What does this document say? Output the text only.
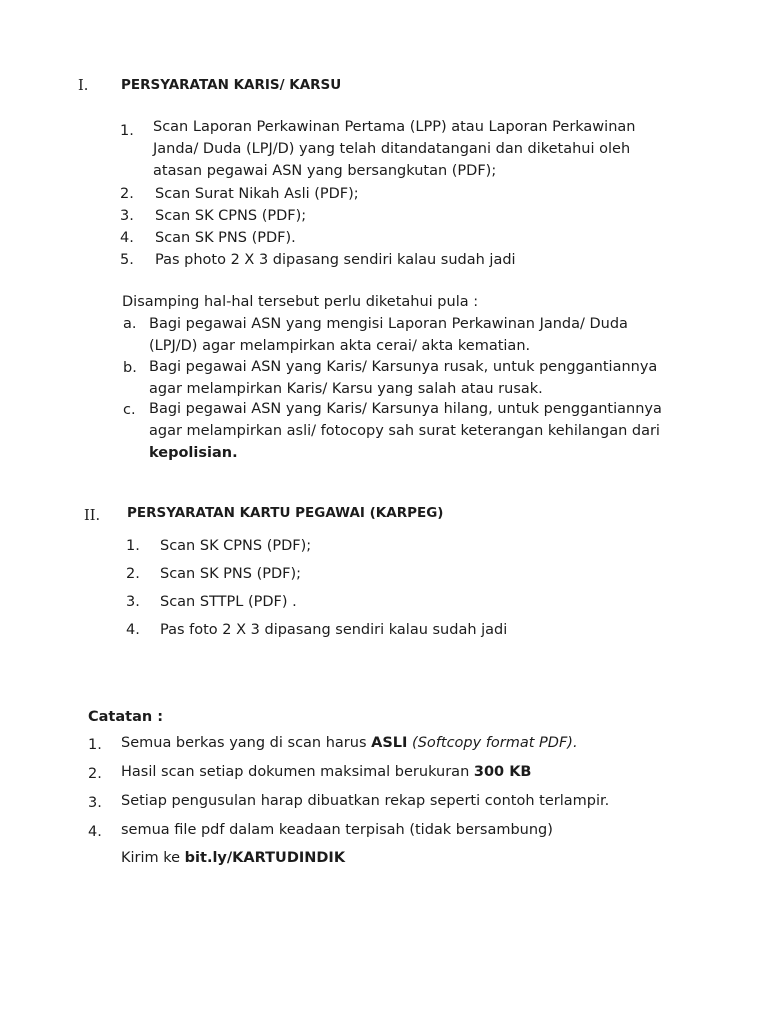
I. PERSYARATAN KARIS/ KARSU
1. Scan Laporan Perkawinan Pertama (LPP) atau Laporan Perkawinan
Janda/ Duda (LPJ/D) yang telah ditandatangani dan diketahui oleh
atasan pegawai ASN yang bersangkutan (PDF);
2. Scan Surat Nikah Asli (PDF);
3. Scan SK CPNS (PDF);
4. Scan SK PNS (PDF).
5. Pas photo 2 X 3 dipasang sendiri kalau sudah jadi
Disamping hal-hal tersebut perlu diketahui pula :
a. Bagi pegawai ASN yang mengisi Laporan Perkawinan Janda/ Duda
(LPJ/D) agar melampirkan akta cerai/ akta kematian.
b. Bagi pegawai ASN yang Karis/ Karsunya rusak, untuk penggantiannya
agar melampirkan Karis/ Karsu yang salah atau rusak.
c. Bagi pegawai ASN yang Karis/ Karsunya hilang, untuk penggantiannya
agar melampirkan asli/ fotocopy sah surat keterangan kehilangan dari
kepolisian.
II. PERSYARATAN KARTU PEGAWAI (KARPEG)
1. Scan SK CPNS (PDF);
2. Scan SK PNS (PDF);
3. Scan STTPL (PDF) .
4. Pas foto 2 X 3 dipasang sendiri kalau sudah jadi
Catatan :
1. Semua berkas yang di scan harus ASLI (Softcopy format PDF).
2. Hasil scan setiap dokumen maksimal berukuran 300 KB
3. Setiap pengusulan harap dibuatkan rekap seperti contoh terlampir.
4. semua file pdf dalam keadaan terpisah (tidak bersambung)
Kirim ke bit.ly/KARTUDINDIK
